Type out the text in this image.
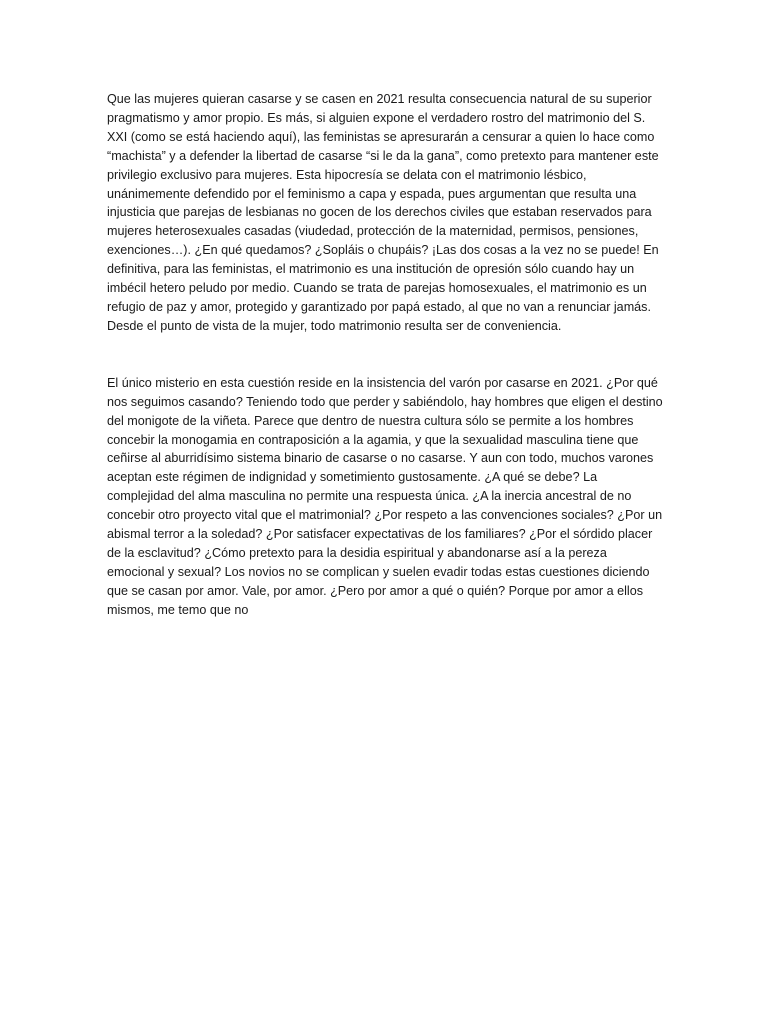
Que las mujeres quieran casarse y se casen en 2021 resulta consecuencia natural de su superior pragmatismo y amor propio. Es más, si alguien expone el verdadero rostro del matrimonio del S. XXI (como se está haciendo aquí), las feministas se apresurarán a censurar a quien lo hace como “machista” y a defender la libertad de casarse “si le da la gana”, como pretexto para mantener este privilegio exclusivo para mujeres. Esta hipocresía se delata con el matrimonio lésbico, unánimemente defendido por el feminismo a capa y espada, pues argumentan que resulta una injusticia que parejas de lesbianas no gocen de los derechos civiles que estaban reservados para mujeres heterosexuales casadas (viudedad, protección de la maternidad, permisos, pensiones, exenciones…). ¿En qué quedamos? ¿Sopláis o chupáis? ¡Las dos cosas a la vez no se puede! En definitiva, para las feministas, el matrimonio es una institución de opresión sólo cuando hay un imbécil hetero peludo por medio. Cuando se trata de parejas homosexuales, el matrimonio es un refugio de paz y amor, protegido y garantizado por papá estado, al que no van a renunciar jamás. Desde el punto de vista de la mujer, todo matrimonio resulta ser de conveniencia.

El único misterio en esta cuestión reside en la insistencia del varón por casarse en 2021. ¿Por qué nos seguimos casando? Teniendo todo que perder y sabiéndolo, hay hombres que eligen el destino del monigote de la viñeta. Parece que dentro de nuestra cultura sólo se permite a los hombres concebir la monogamia en contraposición a la agamia, y que la sexualidad masculina tiene que ceñirse al aburridísimo sistema binario de casarse o no casarse. Y aun con todo, muchos varones aceptan este régimen de indignidad y sometimiento gustosamente. ¿A qué se debe? La complejidad del alma masculina no permite una respuesta única. ¿A la inercia ancestral de no concebir otro proyecto vital que el matrimonial? ¿Por respeto a las convenciones sociales? ¿Por un abismal terror a la soledad? ¿Por satisfacer expectativas de los familiares? ¿Por el sórdido placer de la esclavitud? ¿Cómo pretexto para la desidia espiritual y abandonarse así a la pereza emocional y sexual? Los novios no se complican y suelen evadir todas estas cuestiones diciendo que se casan por amor. Vale, por amor. ¿Pero por amor a qué o quién? Porque por amor a ellos mismos, me temo que no
